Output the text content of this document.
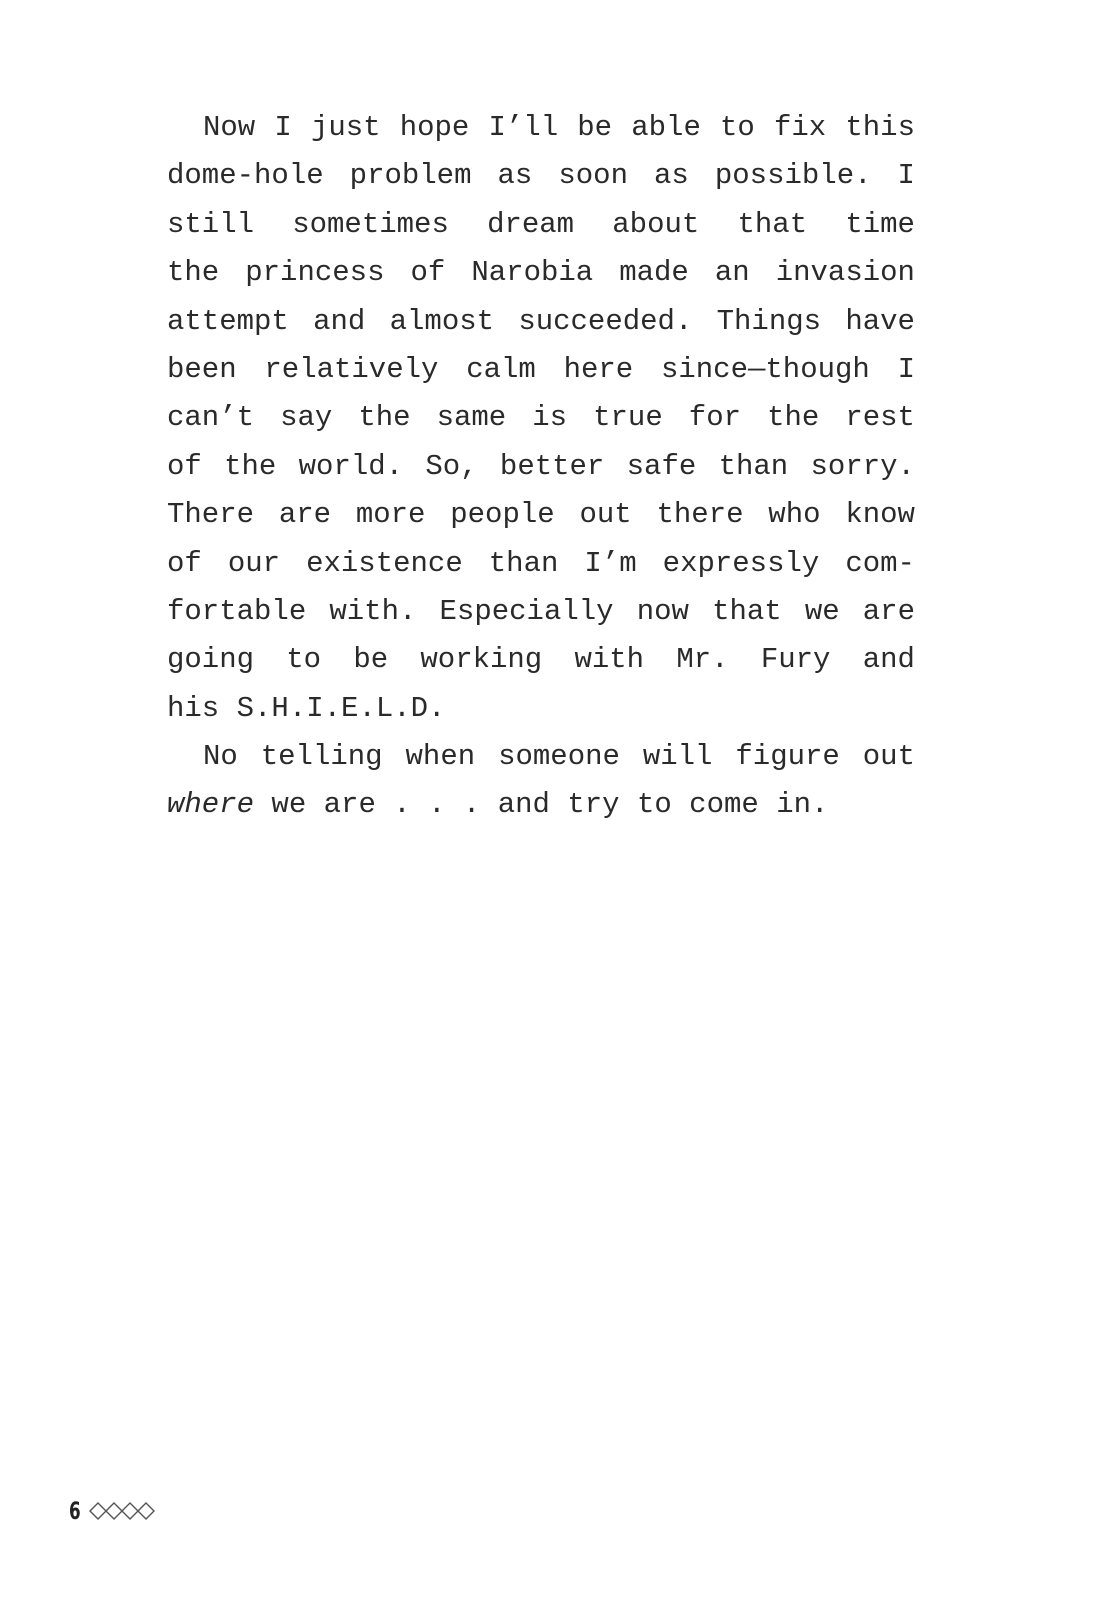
Now I just hope I’ll be able to fix this
dome-hole problem as soon as possible. I
still sometimes dream about that time
the princess of Narobia made an invasion
attempt and almost succeeded. Things have
been relatively calm here since—though I
can’t say the same is true for the rest
of the world. So, better safe than sorry.
There are more people out there who know
of our existence than I’m expressly com-
fortable with. Especially now that we are
going to be working with Mr. Fury and
his S.H.I.E.L.D.
No telling when someone will figure out
where we are . . . and try to come in.
6
